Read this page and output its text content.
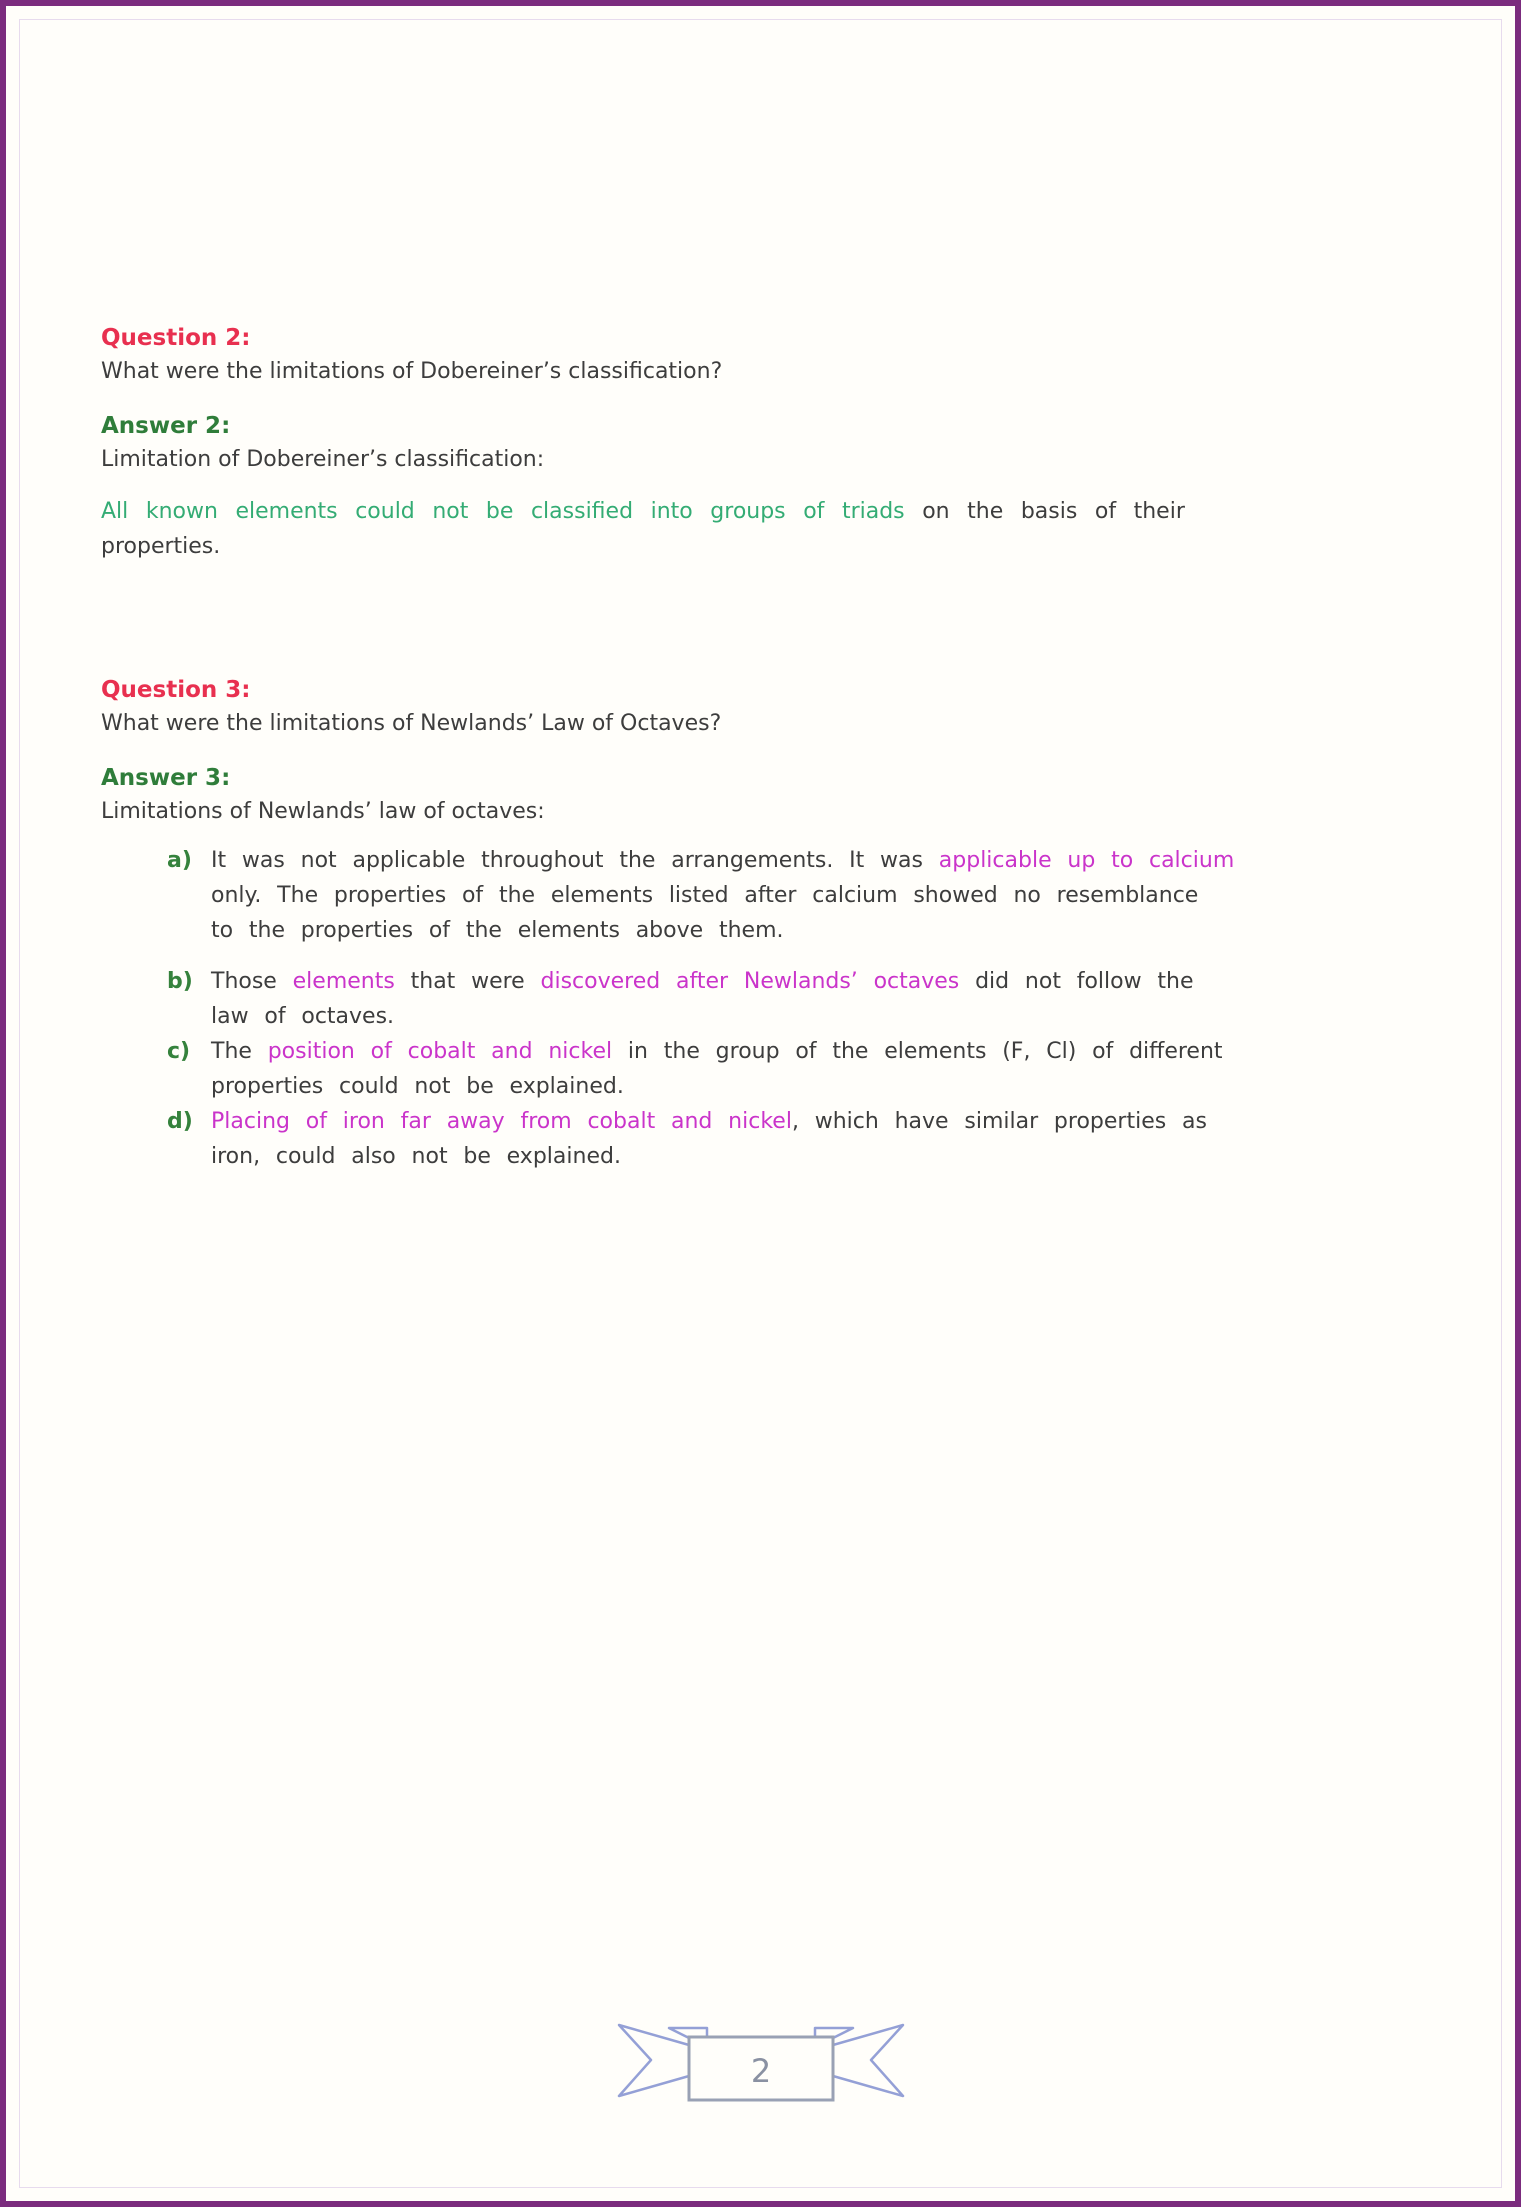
Question 2:
What were the limitations of Dobereiner’s classification?
Answer 2:
Limitation of Dobereiner’s classification:
All known elements could not be classified into groups of triads on the basis of their
properties.
Question 3:
What were the limitations of Newlands’ Law of Octaves?
Answer 3:
Limitations of Newlands’ law of octaves:
a) It was not applicable throughout the arrangements. It was applicable up to calcium
only. The properties of the elements listed after calcium showed no resemblance
to the properties of the elements above them.
b) Those elements that were discovered after Newlands’ octaves did not follow the
law of octaves.
c) The position of cobalt and nickel in the group of the elements (F, Cl) of different
properties could not be explained.
d) Placing of iron far away from cobalt and nickel, which have similar properties as
iron, could also not be explained.
2
